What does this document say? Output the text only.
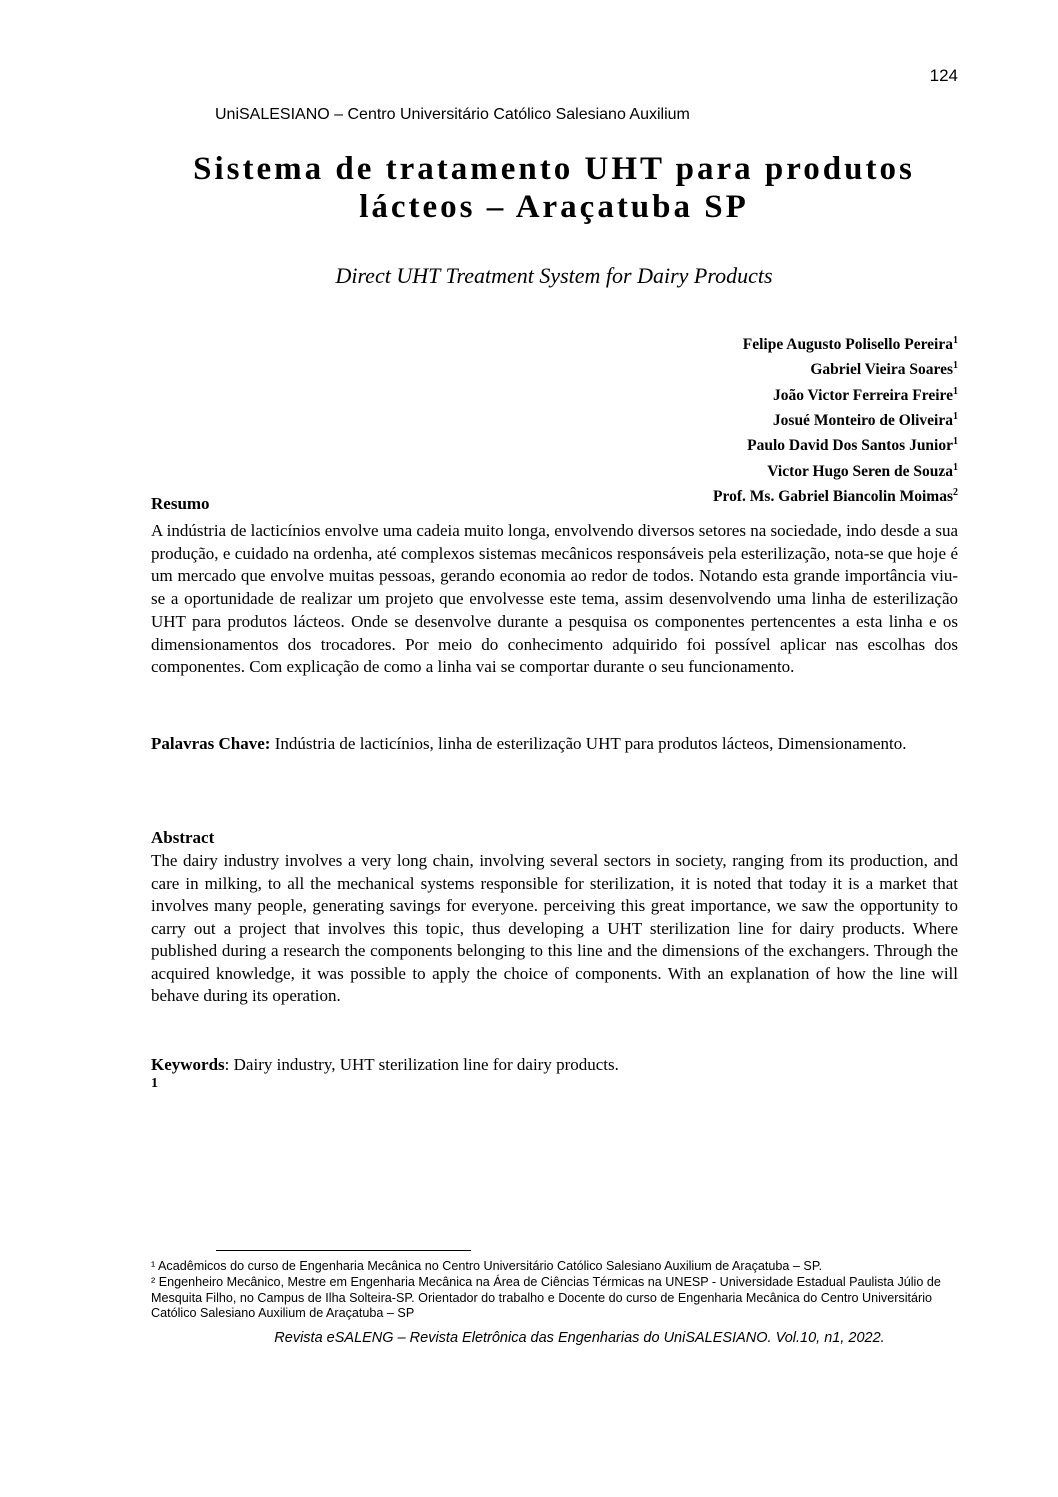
124
UniSALESIANO – Centro Universitário Católico Salesiano Auxilium
Sistema de tratamento UHT para produtos
lácteos – Araçatuba SP
Direct UHT Treatment System for Dairy Products
Felipe Augusto Polisello Pereira$^1$
Gabriel Vieira Soares$^1$
João Victor Ferreira Freire$^1$
Josué Monteiro de Oliveira$^1$
Paulo David Dos Santos Junior$^1$
Victor Hugo Seren de Souza$^1$
Prof. Ms. Gabriel Biancolin Moimas$^2$
Resumo

A indústria de lacticínios envolve uma cadeia muito longa, envolvendo diversos setores na sociedade, indo desde a sua produção, e cuidado na ordenha, até complexos sistemas mecânicos responsáveis pela esterilização, nota-se que hoje é um mercado que envolve muitas pessoas, gerando economia ao redor de todos. Notando esta grande importância viu-se a oportunidade de realizar um projeto que envolvesse este tema, assim desenvolvendo uma linha de esterilização UHT para produtos lácteos. Onde se desenvolve durante a pesquisa os componentes pertencentes a esta linha e os dimensionamentos dos trocadores. Por meio do conhecimento adquirido foi possível aplicar nas escolhas dos componentes. Com explicação de como a linha vai se comportar durante o seu funcionamento.

Palavras Chave: Indústria de lacticínios, linha de esterilização UHT para produtos lácteos, Dimensionamento.

Abstract

The dairy industry involves a very long chain, involving several sectors in society, ranging from its production, and care in milking, to all the mechanical systems responsible for sterilization, it is noted that today it is a market that involves many people, generating savings for everyone. perceiving this great importance, we saw the opportunity to carry out a project that involves this topic, thus developing a UHT sterilization line for dairy products. Where published during a research the components belonging to this line and the dimensions of the exchangers. Through the acquired knowledge, it was possible to apply the choice of components. With an explanation of how the line will behave during its operation.

Keywords: Dairy industry, UHT sterilization line for dairy products.

1

¹ Acadêmicos do curso de Engenharia Mecânica no Centro Universitário Católico Salesiano Auxilium de Araçatuba – SP.

² Engenheiro Mecânico, Mestre em Engenharia Mecânica na Área de Ciências Térmicas na UNESP - Universidade Estadual Paulista Júlio de Mesquita Filho, no Campus de Ilha Solteira-SP. Orientador do trabalho e Docente do curso de Engenharia Mecânica do Centro Universitário Católico Salesiano Auxilium de Araçatuba – SP

Revista eSALENG – Revista Eletrônica das Engenharias do UniSALESIANO. Vol.10, n1, 2022.
